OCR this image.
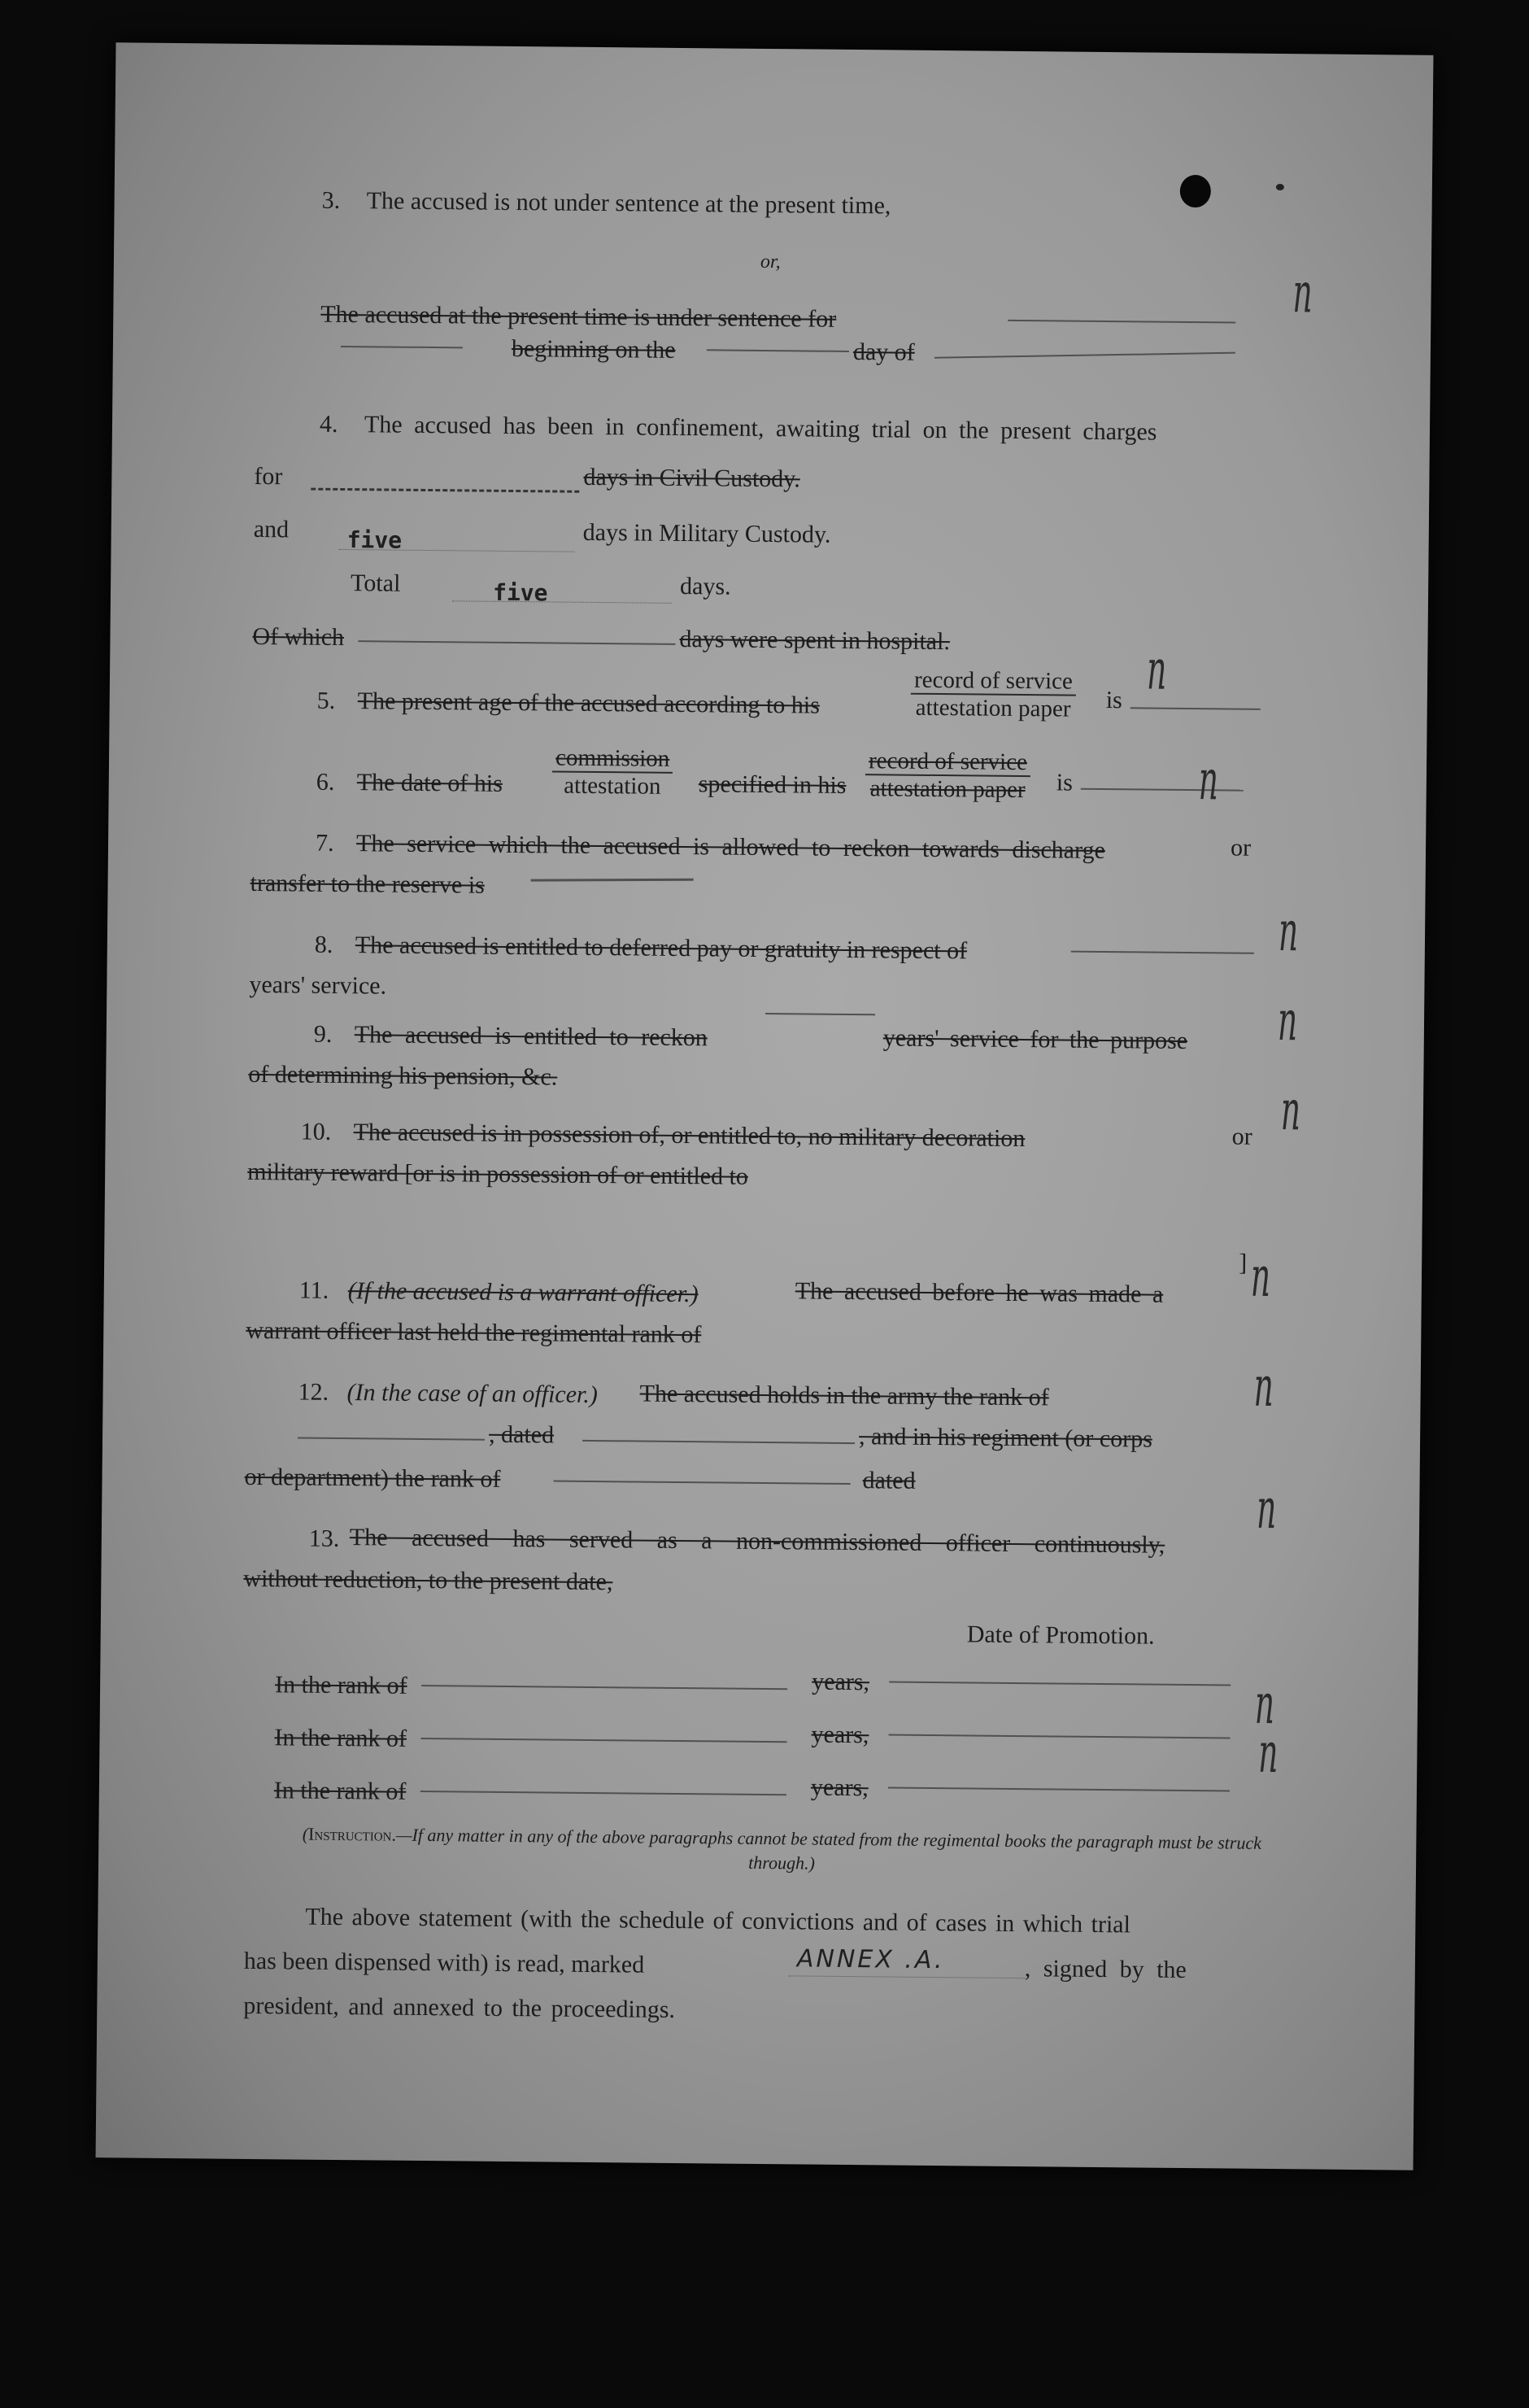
3. The accused is not under sentence at the present time,
or,
The accused at the present time is under sentence for
beginning on the	day of
n
4. The accused has been in confinement, awaiting trial on the present charges
for	days in Civil Custody.
and	five	days in Military Custody.
Total	five	days.
Of which	days were spent in hospital.
5. The present age of the accused according to his
record of service
attestation paper is n
6. The date of his
commission
attestation specified in his
record of service
attestation paper is n
7. The service which the accused is allowed to reckon towards discharge	or
transfer to the reserve is
8. The accused is entitled to deferred pay or gratuity in respect of
years' service.
n
9. The accused is entitled to reckon	years' service for the purpose
of determining his pension, &c.
n
10. The accused is in possession of, or entitled to, no military decoration	or
military reward [or is in possession of or entitled to
]
n
11. (If the accused is a warrant officer.)	The accused before he was made a
warrant officer last held the regimental rank of
n
12. (In the case of an officer.) The accused holds in the army the rank of
, dated	, and in his regiment (or corps
or department) the rank of	dated
n
13. The accused has served as a non-commissioned officer continuously,
without reduction, to the present date,
Date of Promotion.
n
In the rank of	years,
In the rank of	years,
In the rank of	years,
n
n
(Instruction.—If any matter in any of the above paragraphs cannot be stated from the regimental books the paragraph must be struck through.)
The above statement (with the schedule of convictions and of cases in which trial
has been dispensed with) is read, marked	ANNEX .A.	, signed by the
president, and annexed to the proceedings.
